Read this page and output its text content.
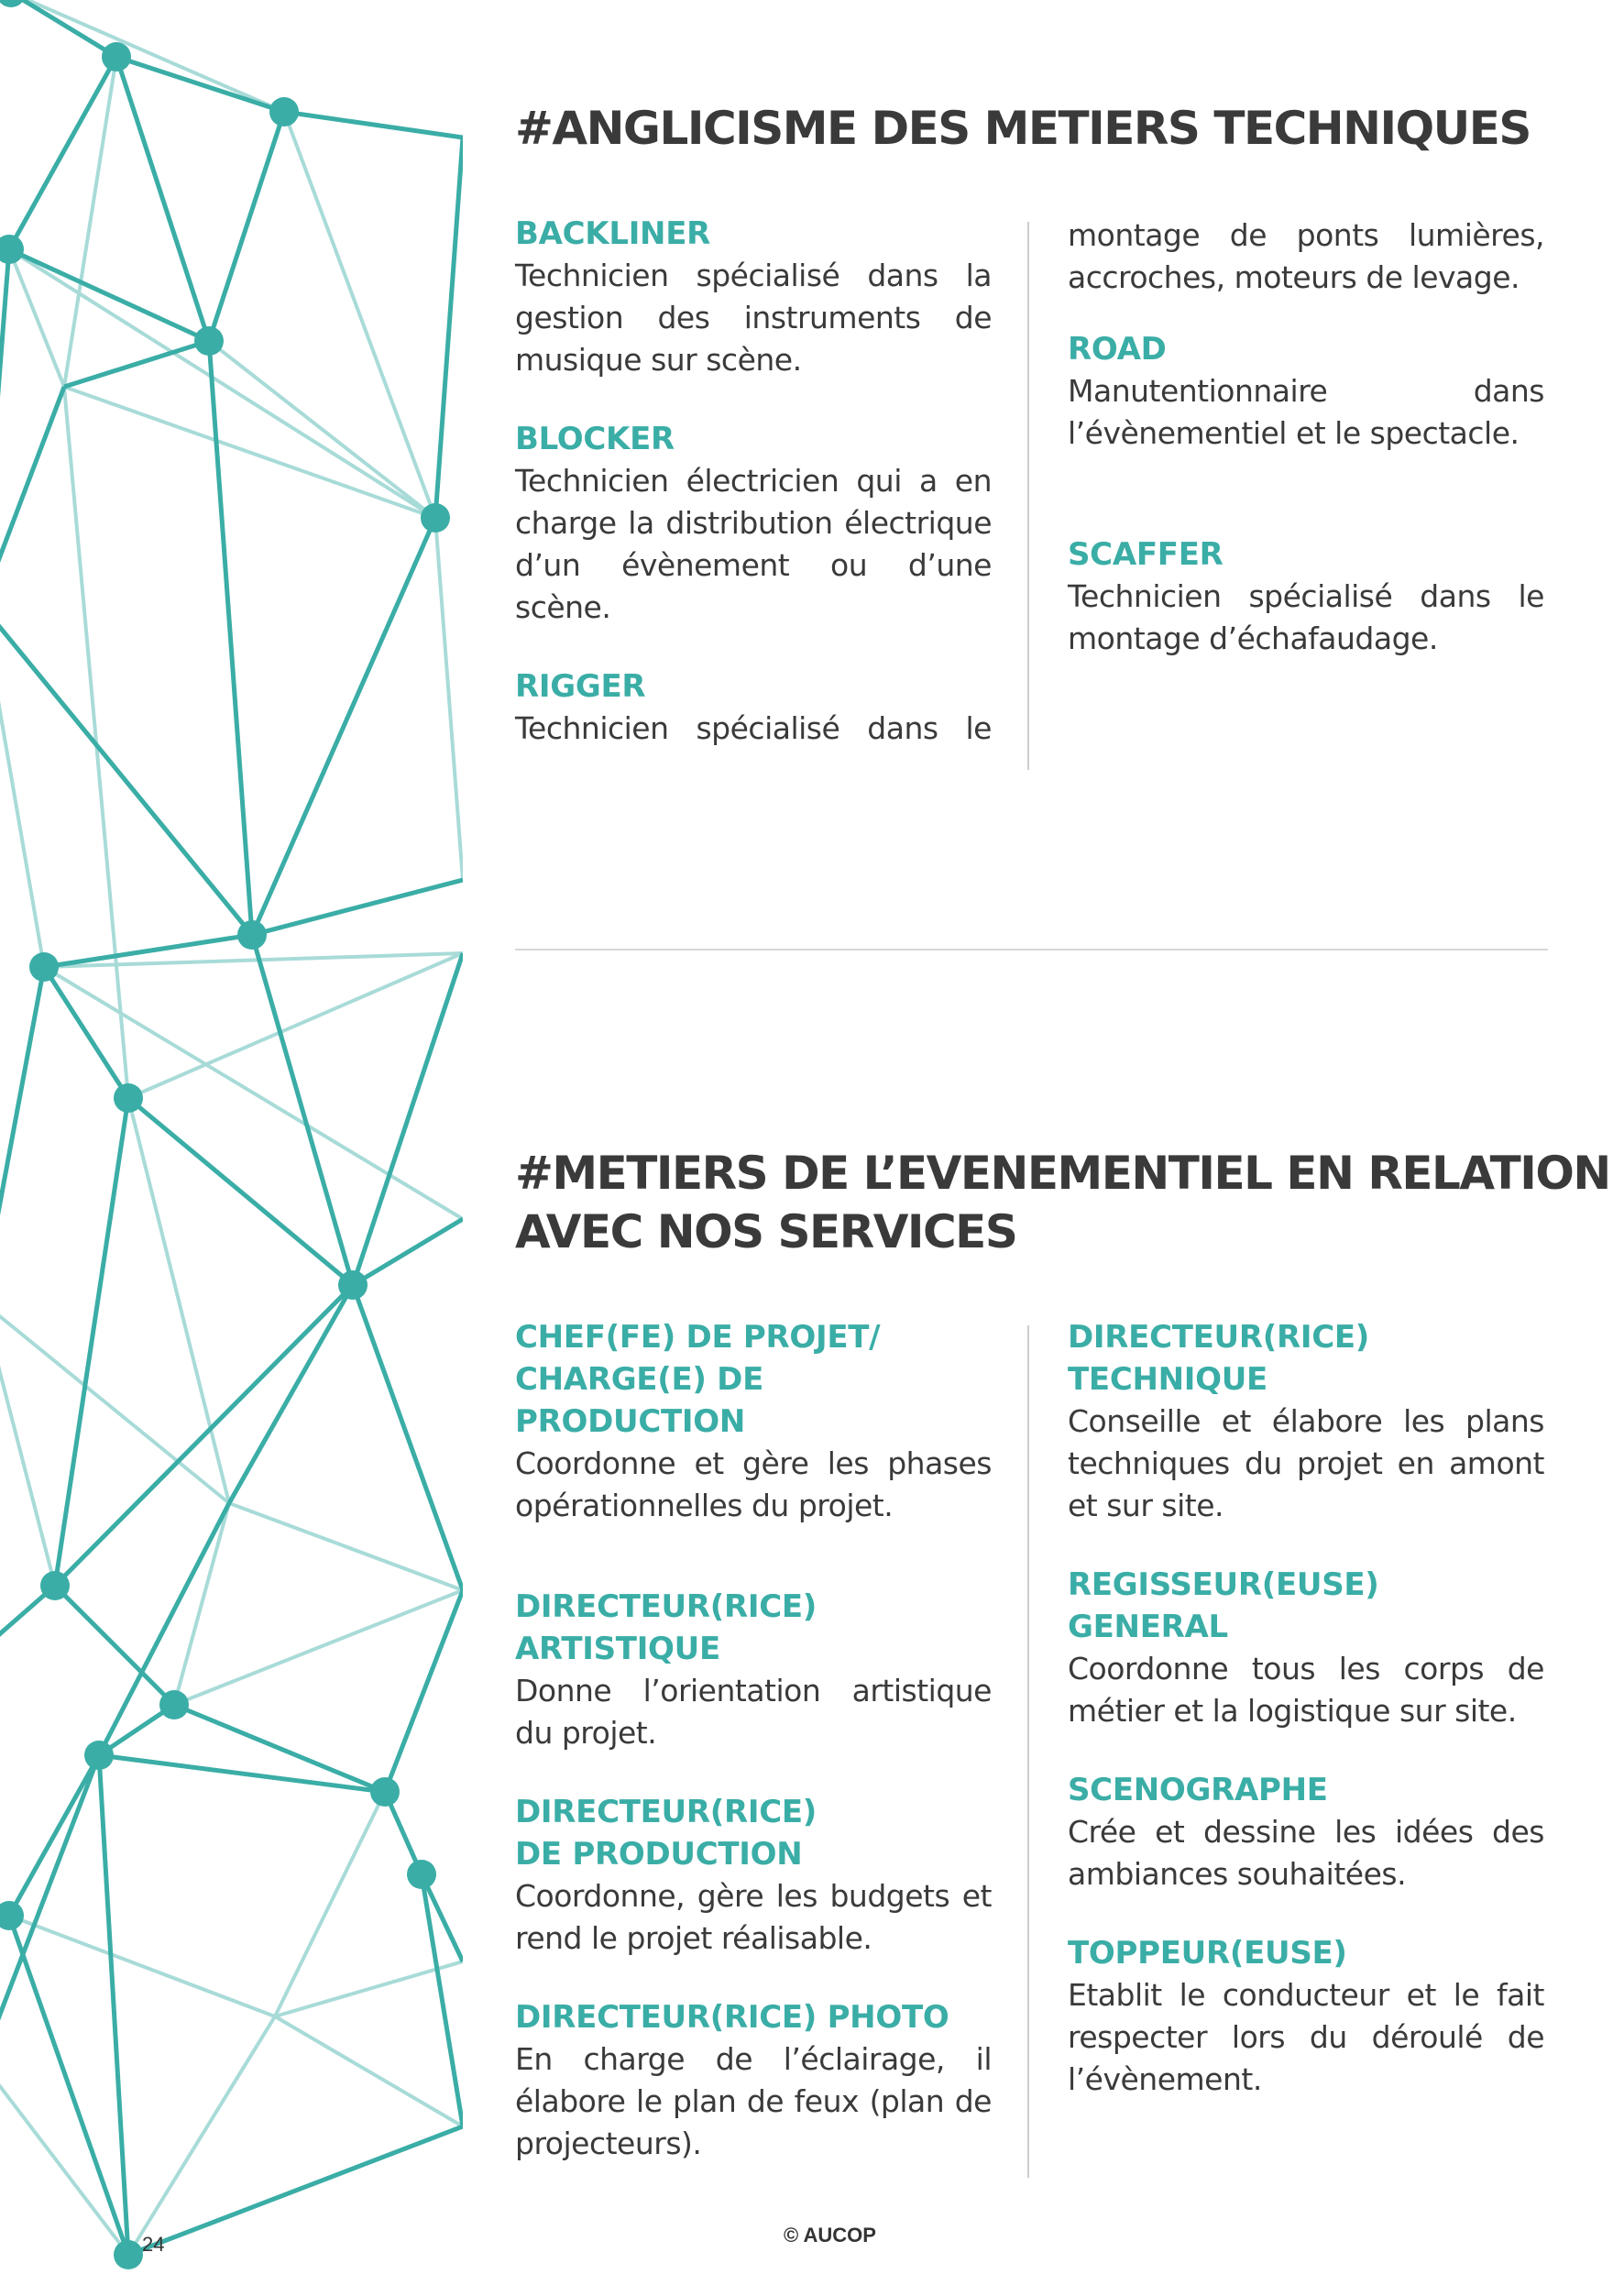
#ANGLICISME DES METIERS TECHNIQUES
BACKLINER
Technicien spécialisé dans la gestion des instruments de musique sur scène.
BLOCKER
Technicien électricien qui a en charge la distribution électrique d’un évènement ou d’une scène.
RIGGER
Technicien spécialisé dans le
montage de ponts lumières, accroches, moteurs de levage.
ROAD
Manutentionnaire dans l’évènementiel et le spectacle.
SCAFFER
Technicien spécialisé dans le montage d’échafaudage.
#METIERS DE L’EVENEMENTIEL EN RELATION
AVEC NOS SERVICES
CHEF(FE) DE PROJET/ CHARGE(E) DE PRODUCTION
Coordonne et gère les phases opérationnelles du projet.
DIRECTEUR(RICE) ARTISTIQUE
Donne l’orientation artistique du projet.
DIRECTEUR(RICE) DE PRODUCTION
Coordonne, gère les budgets et rend le projet réalisable.
DIRECTEUR(RICE) PHOTO
En charge de l’éclairage, il élabore le plan de feux (plan de projecteurs).
DIRECTEUR(RICE) TECHNIQUE
Conseille et élabore les plans techniques du projet en amont et sur site.
REGISSEUR(EUSE) GENERAL
Coordonne tous les corps de métier et la logistique sur site.
SCENOGRAPHE
Crée et dessine les idées des ambiances souhaitées.
TOPPEUR(EUSE)
Etablit le conducteur et le fait respecter lors du déroulé de l’évènement.
24	© AUCOP
